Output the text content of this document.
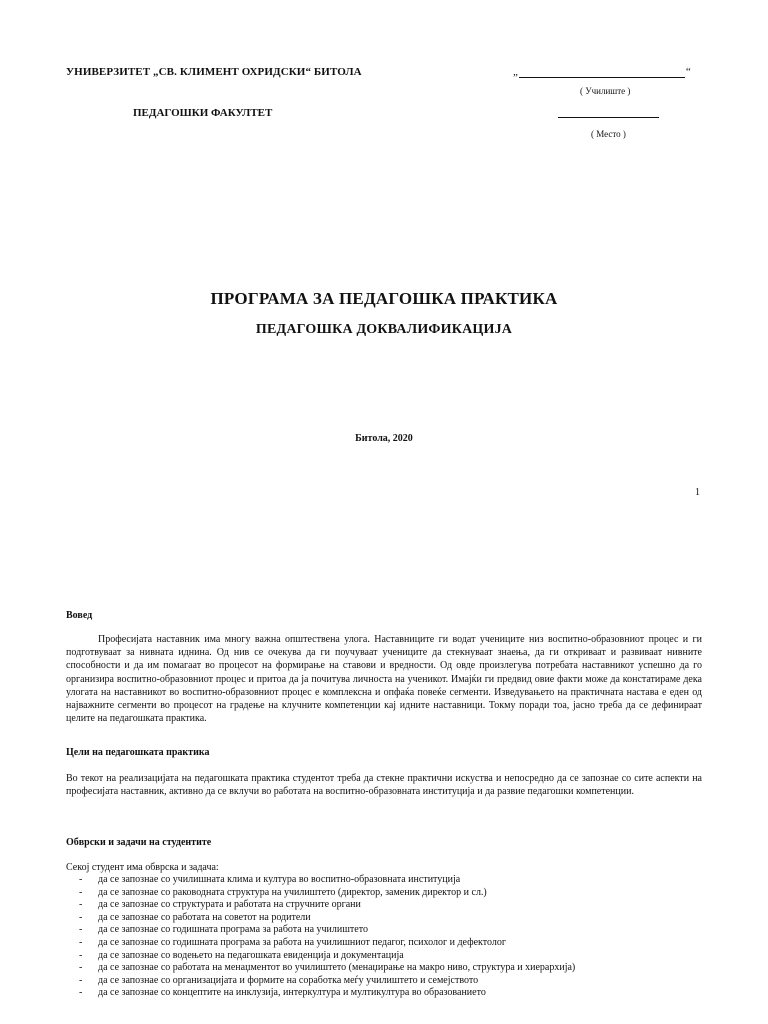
УНИВЕРЗИТЕТ „СВ. КЛИМЕНТ ОХРИДСКИ“ БИТОЛА
ПЕДАГОШКИ ФАКУЛТЕТ
„	“
( Училиште )
( Место )
ПРОГРАМА ЗА ПЕДАГОШКА ПРАКТИКА
ПЕДАГОШКА ДОКВАЛИФИКАЦИЈА
Битола, 2020
1
Вовед
Професијата наставник има многу важна општествена улога. Наставниците ги водат учениците низ воспитно-образовниот процес и ги подготвуваат за нивната иднина. Од нив се очекува да ги поучуваат учениците да стекнуваат знаења, да ги откриваат и развиваат нивните способности и да им помагаат во процесот на формирање на ставови и вредности. Од овде произлегува потребата наставникот успешно да го организира воспитно-образовниот процес и притоа да ја почитува личноста на ученикот. Имајќи ги предвид овие факти може да констатираме дека улогата на наставникот во воспитно-образовниот процес е комплексна и опфаќа повеќе сегменти. Изведувањето на практичната настава е еден од најважните сегменти во процесот на градење на клучните компетенции кај идните наставници. Токму поради тоа, јасно треба да се дефинираат целите на педагошката практика.
Цели на педагошката практика
Во текот на реализацијата на педагошката практика студентот треба да стекне практични искуства и непосредно да се запознае со сите аспекти на професијата наставник, активно да се вклучи во работата на воспитно-образовната институција и да развие педагошки компетенции.
Обврски и задачи на студентите
Секој студент има обврска и задача:
-	да се запознае со училишната клима и култура во воспитно-образовната институција
-	да се запознае со раководната структура на училиштето (директор, заменик директор и сл.)
-	да се запознае со структурата и работата на стручните органи
-	да се запознае со работата на советот на родители
-	да се запознае со годишната програма за работа на училиштето
-	да се запознае со годишната програма за работа на училишниот педагог, психолог и дефектолог
-	да се запознае со водењето на педагошката евиденција и документација
-	да се запознае со работата на менаџментот во училиштето (менаџирање на макро ниво, структура и хиерархија)
-	да се запознае со организацијата и формите на соработка меѓу училиштето и семејството
-	да се запознае со концептите на инклузија, интеркултура и мултикултура во образованието
